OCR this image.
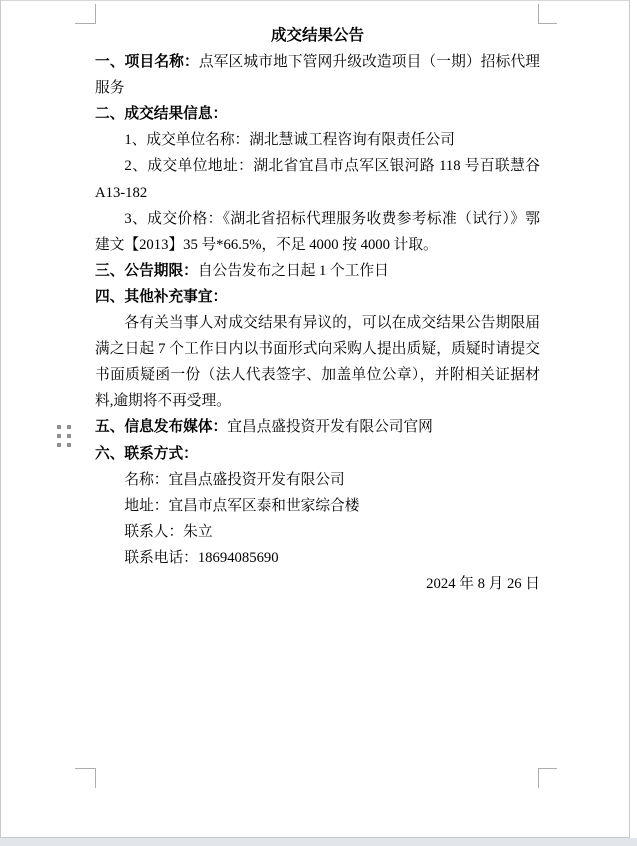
成交结果公告

一、项目名称：点军区城市地下管网升级改造项目（一期）招标代理服务

二、成交结果信息：

1、成交单位名称：湖北慧诚工程咨询有限责任公司

2、成交单位地址：湖北省宜昌市点军区银河路 118 号百联慧谷 A13-182

3、成交价格：《湖北省招标代理服务收费参考标准（试行）》鄂建文【2013】35 号*66.5%，不足 4000 按 4000 计取。

三、公告期限：自公告发布之日起 1 个工作日

四、其他补充事宜：

各有关当事人对成交结果有异议的，可以在成交结果公告期限届满之日起 7 个工作日内以书面形式向采购人提出质疑，质疑时请提交书面质疑函一份（法人代表签字、加盖单位公章），并附相关证据材料,逾期将不再受理。

五、信息发布媒体：宜昌点盛投资开发有限公司官网

六、联系方式：

名称：宜昌点盛投资开发有限公司

地址：宜昌市点军区泰和世家综合楼

联系人：朱立

联系电话：18694085690

2024 年 8 月 26 日
